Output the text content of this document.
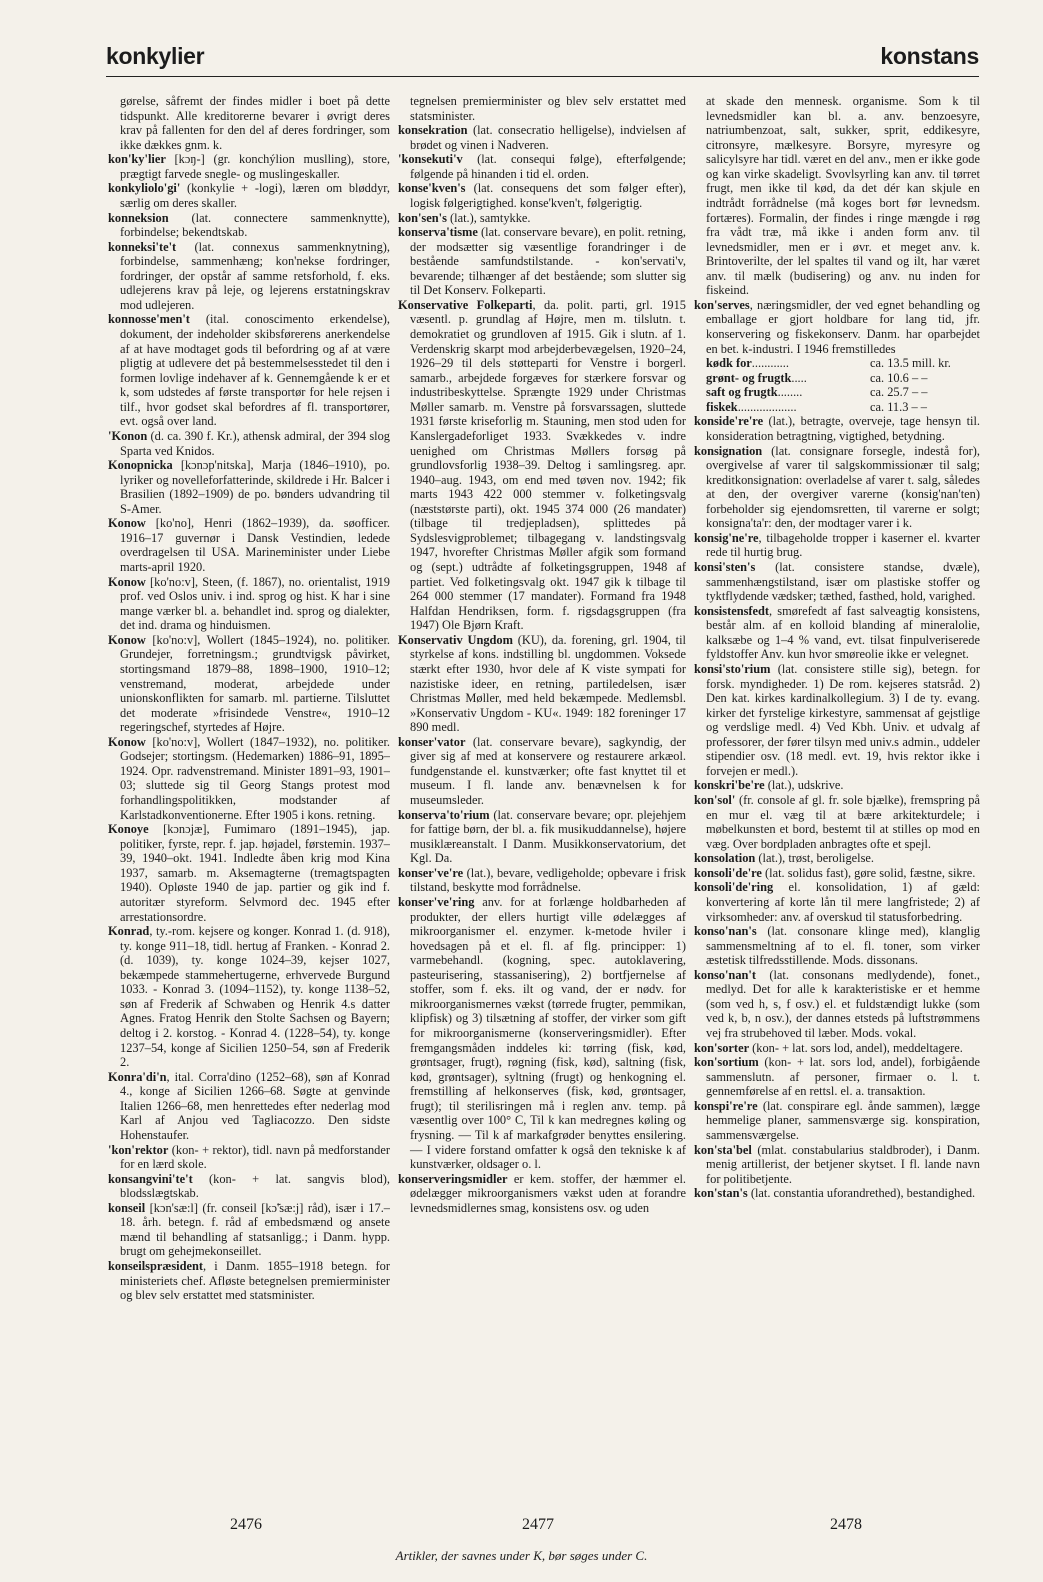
konkylier	konstans

gørelse, såfremt der findes midler i boet på dette tidspunkt. Alle kreditorerne bevarer i øvrigt deres krav på fallenten for den del af deres fordringer, som ikke dækkes gnm. k.

kon'ky'lier [kɔŋ-] (gr. konchýlion muslling), store, prægtigt farvede snegle- og muslingeskaller.

konkyliolo'gi' (konkylie + -logi), læren om bløddyr, særlig om deres skaller.

konneksion (lat. connectere sammenknytte), forbindelse; bekendtskab.

konneksi'te't (lat. connexus sammenknytning), forbindelse, sammenhæng; kon'nekse fordringer, fordringer, der opstår af samme retsforhold, f. eks. udlejerens krav på leje, og lejerens erstatningskrav mod udlejeren.

konnosse'men't (ital. conoscimento erkendelse), dokument, der indeholder skibsførerens anerkendelse af at have modtaget gods til befordring og af at være pligtig at udlevere det på bestemmelsesstedet til den i formen lovlige indehaver af k. Gennemgående k er et k, som udstedes af første transportør for hele rejsen i tilf., hvor godset skal befordres af fl. transportører, evt. også over land.

'Konon (d. ca. 390 f. Kr.), athensk admiral, der 394 slog Sparta ved Knidos.

Konopnicka [kɔnɔp'nitska], Marja (1846–1910), po. lyriker og novelleforfatterinde, skildrede i Hr. Balcer i Brasilien (1892–1909) de po. bønders udvandring til S-Amer.

Konow [ko'no], Henri (1862–1939), da. søofficer. 1916–17 guvernør i Dansk Vestindien, ledede overdragelsen til USA. Marineminister under Liebe marts-april 1920.

Konow [ko'no:v], Steen, (f. 1867), no. orientalist, 1919 prof. ved Oslos univ. i ind. sprog og hist. K har i sine mange værker bl. a. behandlet ind. sprog og dialekter, det ind. drama og hinduismen.

Konow [ko'no:v], Wollert (1845–1924), no. politiker. Grundejer, forretningsm.; grundtvigsk påvirket, stortingsmand 1879–88, 1898–1900, 1910–12; venstremand, moderat, arbejdede under unionskonflikten for samarb. ml. partierne. Tilsluttet det moderate »frisindede Venstre«, 1910–12 regeringschef, styrtedes af Højre.

Konow [ko'no:v], Wollert (1847–1932), no. politiker. Godsejer; stortingsm. (Hedemarken) 1886–91, 1895–1924. Opr. radvenstremand. Minister 1891–93, 1901–03; sluttede sig til Georg Stangs protest mod forhandlingspolitikken, modstander af Karlstadkonventionerne. Efter 1905 i kons. retning.

Konoye [kɔnɔjæ], Fumimaro (1891–1945), jap. politiker, fyrste, repr. f. jap. højadel, førstemin. 1937–39, 1940–okt. 1941. Indledte åben krig mod Kina 1937, samarb. m. Aksemagterne (tremagtspagten 1940). Opløste 1940 de jap. partier og gik ind f. autoritær styreform. Selvmord dec. 1945 efter arrestationsordre.

Konrad, ty.-rom. kejsere og konger. Konrad 1. (d. 918), ty. konge 911–18, tidl. hertug af Franken. - Konrad 2. (d. 1039), ty. konge 1024–39, kejser 1027, bekæmpede stammehertugerne, erhvervede Burgund 1033. - Konrad 3. (1094–1152), ty. konge 1138–52, søn af Frederik af Schwaben og Henrik 4.s datter Agnes. Fratog Henrik den Stolte Sachsen og Bayern; deltog i 2. korstog. - Konrad 4. (1228–54), ty. konge 1237–54, konge af Sicilien 1250–54, søn af Frederik 2.

Konra'di'n, ital. Corra'dino (1252–68), søn af Konrad 4., konge af Sicilien 1266–68. Søgte at genvinde Italien 1266–68, men henrettedes efter nederlag mod Karl af Anjou ved Tagliacozzo. Den sidste Hohenstaufer.

'kon'rektor (kon- + rektor), tidl. navn på medforstander for en lærd skole.

konsangvini'te't (kon- + lat. sangvis blod), blodsslægtskab.

konseil [kɔn'sæ:l] (fr. conseil [kɔ̃'sæ:j] råd), især i 17.–18. årh. betegn. f. råd af embedsmænd og ansete mænd til behandling af statsanligg.; i Danm. hypp. brugt om gehejmekonseillet.

konseilspræsident, i Danm. 1855–1918 betegn. for ministeriets chef. Afløste betegnelsen premierminister og blev selv erstattet med statsminister.

tegnelsen premierminister og blev selv erstattet med statsminister.

konsekration (lat. consecratio helligelse), indvielsen af brødet og vinen i Nadveren.

'konsekuti'v (lat. consequi følge), efterfølgende; følgende på hinanden i tid el. orden.

konse'kven's (lat. consequens det som følger efter), logisk følgerigtighed. konse'kven't, følgerigtig.

kon'sen's (lat.), samtykke.

konserva'tisme (lat. conservare bevare), en polit. retning, der modsætter sig væsentlige forandringer i de bestående samfundstilstande. - kon'servati'v, bevarende; tilhænger af det bestående; som slutter sig til Det Konserv. Folkeparti.

Konservative Folkeparti, da. polit. parti, grl. 1915 væsentl. p. grundlag af Højre, men m. tilslutn. t. demokratiet og grundloven af 1915. Gik i slutn. af 1. Verdenskrig skarpt mod arbejderbevægelsen, 1920–24, 1926–29 til dels støtteparti for Venstre i borgerl. samarb., arbejdede forgæves for stærkere forsvar og industribeskyttelse. Sprængte 1929 under Christmas Møller samarb. m. Venstre på forsvarssagen, sluttede 1931 første kriseforlig m. Stauning, men stod uden for Kanslergadeforliget 1933. Svækkedes v. indre uenighed om Christmas Møllers forsøg på grundlovsforlig 1938–39. Deltog i samlingsreg. apr. 1940–aug. 1943, om end med tøven nov. 1942; fik marts 1943 422 000 stemmer v. folketingsvalg (næststørste parti), okt. 1945 374 000 (26 mandater) (tilbage til tredjepladsen), splittedes på Sydslesvigproblemet; tilbagegang v. landstingsvalg 1947, hvorefter Christmas Møller afgik som formand og (sept.) udtrådte af folketingsgruppen, 1948 af partiet. Ved folketingsvalg okt. 1947 gik k tilbage til 264 000 stemmer (17 mandater). Formand fra 1948 Halfdan Hendriksen, form. f. rigsdagsgruppen (fra 1947) Ole Bjørn Kraft.

Konservativ Ungdom (KU), da. forening, grl. 1904, til styrkelse af kons. indstilling bl. ungdommen. Voksede stærkt efter 1930, hvor dele af K viste sympati for nazistiske ideer, en retning, partiledelsen, især Christmas Møller, med held bekæmpede. Medlemsbl. »Konservativ Ungdom - KU«. 1949: 182 foreninger 17 890 medl.

konser'vator (lat. conservare bevare), sagkyndig, der giver sig af med at konservere og restaurere arkæol. fundgenstande el. kunstværker; ofte fast knyttet til et museum. I fl. lande anv. benævnelsen k for museumsleder.

konserva'to'rium (lat. conservare bevare; opr. plejehjem for fattige børn, der bl. a. fik musikuddannelse), højere musiklæreanstalt. I Danm. Musikkonservatorium, det Kgl. Da.

konser've're (lat.), bevare, vedligeholde; opbevare i frisk tilstand, beskytte mod forrådnelse.

konser've'ring anv. for at forlænge holdbarheden af produkter, der ellers hurtigt ville ødelægges af mikroorganismer el. enzymer. k-metode hviler i hovedsagen på et el. fl. af flg. principper: 1) varmebehandl. (kogning, spec. autoklavering, pasteurisering, stassanisering), 2) bortfjernelse af stoffer, som f. eks. ilt og vand, der er nødv. for mikroorganismernes vækst (tørrede frugter, pemmikan, klipfisk) og 3) tilsætning af stoffer, der virker som gift for mikroorganismerne (konserveringsmidler). Efter fremgangsmåden inddeles ki: tørring (fisk, kød, grøntsager, frugt), røgning (fisk, kød), saltning (fisk, kød, grøntsager), syltning (frugt) og henkogning el. fremstilling af helkonserves (fisk, kød, grøntsager, frugt); til sterilisringen må i reglen anv. temp. på væsentlig over 100° C, Til k kan medregnes køling og frysning. — Til k af markafgrøder benyttes ensilering. — I videre forstand omfatter k også den tekniske k af kunstværker, oldsager o. l.

konserveringsmidler er kem. stoffer, der hæmmer el. ødelægger mikroorganismers vækst uden at forandre levnedsmidlernes smag, konsistens osv. og uden

at skade den mennesk. organisme. Som k til levnedsmidler kan bl. a. anv. benzoesyre, natriumbenzoat, salt, sukker, sprit, eddikesyre, citronsyre, mælkesyre. Borsyre, myresyre og salicylsyre har tidl. været en del anv., men er ikke gode og kan virke skadeligt. Svovlsyrling kan anv. til tørret frugt, men ikke til kød, da det dér kan skjule en indtrådt forrådnelse (må koges bort før levnedsm. fortæres). Formalin, der findes i ringe mængde i røg fra vådt træ, må ikke i anden form anv. til levnedsmidler, men er i øvr. et meget anv. k. Brintoverilte, der lel spaltes til vand og ilt, har været anv. til mælk (budisering) og anv. nu inden for fiskeind.

kon'serves, næringsmidler, der ved egnet behandling og emballage er gjort holdbare for lang tid, jfr. konservering og fiskekonserv. Danm. har oparbejdet en bet. k-industri. I 1946 fremstilledes

kødk for............	ca. 13.5 mill. kr.
grønt- og frugtk.....	ca. 10.6 – –
saft og frugtk........	ca. 25.7 – –
fiskek...................	ca. 11.3 – –

konside're're (lat.), betragte, overveje, tage hensyn til. konsideration betragtning, vigtighed, betydning.

konsignation (lat. consignare forsegle, indestå for), overgivelse af varer til salgskommissionær til salg; kreditkonsignation: overladelse af varer t. salg, således at den, der overgiver varerne (konsig'nan'ten) forbeholder sig ejendomsretten, til varerne er solgt; konsigna'ta'r: den, der modtager varer i k.

konsig'ne're, tilbageholde tropper i kaserner el. kvarter rede til hurtig brug.

konsi'sten's (lat. consistere standse, dvæle), sammenhængstilstand, især om plastiske stoffer og tyktflydende vædsker; tæthed, fasthed, hold, varighed.

konsistensfedt, smørefedt af fast salveagtig konsistens, består alm. af en kolloid blanding af mineralolie, kalksæbe og 1–4 % vand, evt. tilsat finpulveriserede fyldstoffer Anv. kun hvor smøreolie ikke er velegnet.

konsi'sto'rium (lat. consistere stille sig), betegn. for forsk. myndigheder. 1) De rom. kejseres statsråd. 2) Den kat. kirkes kardinalkollegium. 3) I de ty. evang. kirker det fyrstelige kirkestyre, sammensat af gejstlige og verdslige medl. 4) Ved Kbh. Univ. et udvalg af professorer, der fører tilsyn med univ.s admin., uddeler stipendier osv. (18 medl. evt. 19, hvis rektor ikke i forvejen er medl.).

konskri'be're (lat.), udskrive.

kon'sol' (fr. console af gl. fr. sole bjælke), fremspring på en mur el. væg til at bære arkitekturdele; i møbelkunsten et bord, bestemt til at stilles op mod en væg. Over bordpladen anbragtes ofte et spejl.

konsolation (lat.), trøst, beroligelse.

konsoli'de're (lat. solidus fast), gøre solid, fæstne, sikre.

konsoli'de'ring el. konsolidation, 1) af gæld: konvertering af korte lån til mere langfristede; 2) af virksomheder: anv. af overskud til statusforbedring.

konso'nan's (lat. consonare klinge med), klanglig sammensmeltning af to el. fl. toner, som virker æstetisk tilfredsstillende. Mods. dissonans.

konso'nan't (lat. consonans medlydende), fonet., medlyd. Det for alle k karakteristiske er et hemme (som ved h, s, f osv.) el. et fuldstændigt lukke (som ved k, b, n osv.), der dannes etsteds på luftstrømmens vej fra strubehoved til læber. Mods. vokal.

kon'sorter (kon- + lat. sors lod, andel), meddeltagere.

kon'sortium (kon- + lat. sors lod, andel), forbigående sammenslutn. af personer, firmaer o. l. t. gennemførelse af en rettsl. el. a. transaktion.

konspi're're (lat. conspirare egl. ånde sammen), lægge hemmelige planer, sammensværge sig. konspiration, sammensværgelse.

kon'sta'bel (mlat. constabularius staldbroder), i Danm. menig artillerist, der betjener skytset. I fl. lande navn for politibetjente.

kon'stan's (lat. constantia uforandrethed), bestandighed.

2476	2477	2478
Artikler, der savnes under K, bør søges under C.
